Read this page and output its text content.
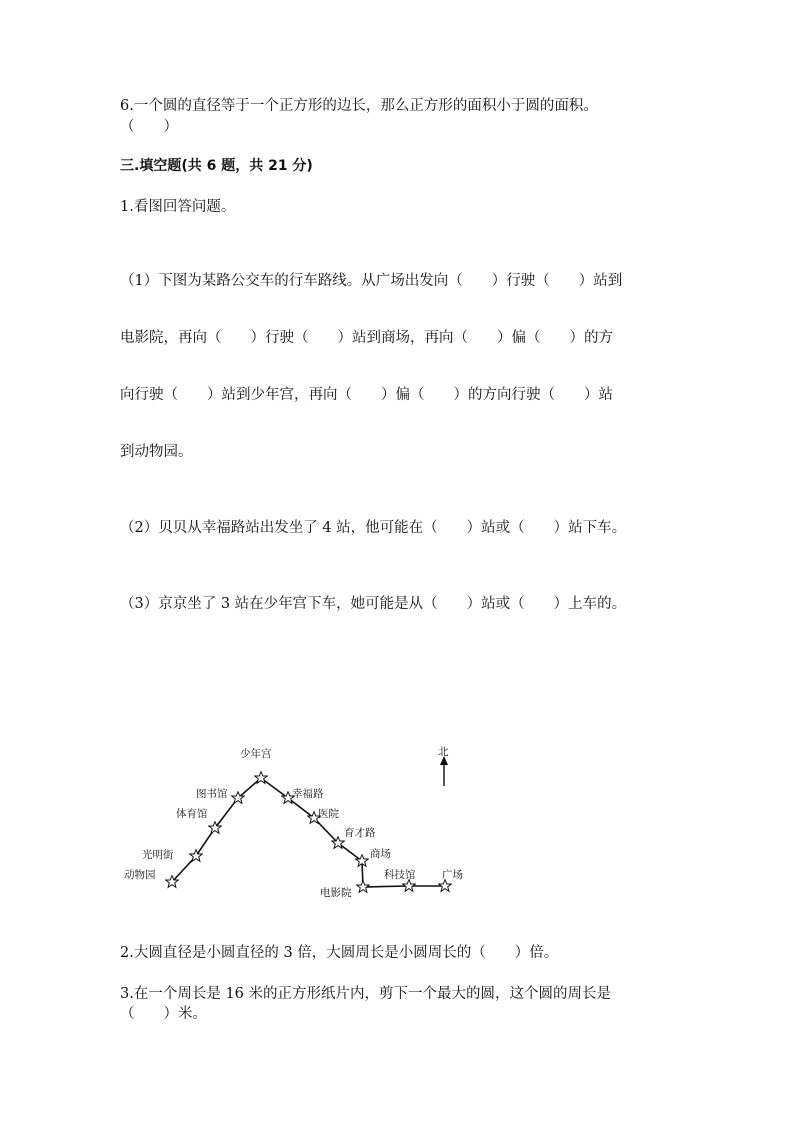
6.一个圆的直径等于一个正方形的边长，那么正方形的面积小于圆的面积。
（　　）
三.填空题(共 6 题，共 21 分)
1.看图回答问题。
（1）下图为某路公交车的行车路线。从广场出发向（　　）行驶（　　）站到
电影院，再向（　　）行驶（　　）站到商场，再向（　　）偏（　　）的方
向行驶（　　）站到少年宫，再向（　　）偏（　　）的方向行驶（　　）站
到动物园。
（2）贝贝从幸福路站出发坐了 4 站，他可能在（　　）站或（　　）站下车。
（3）京京坐了 3 站在少年宫下车，她可能是从（　　）站或（　　）上车的。
北
少年宫
图书馆
体育馆
光明街
动物园
幸福路
医院
育才路
商场
电影院
科技馆	广场
2.大圆直径是小圆直径的 3 倍，大圆周长是小圆周长的（　　）倍。
3.在一个周长是 16 米的正方形纸片内，剪下一个最大的圆，这个圆的周长是
（　　）米。
